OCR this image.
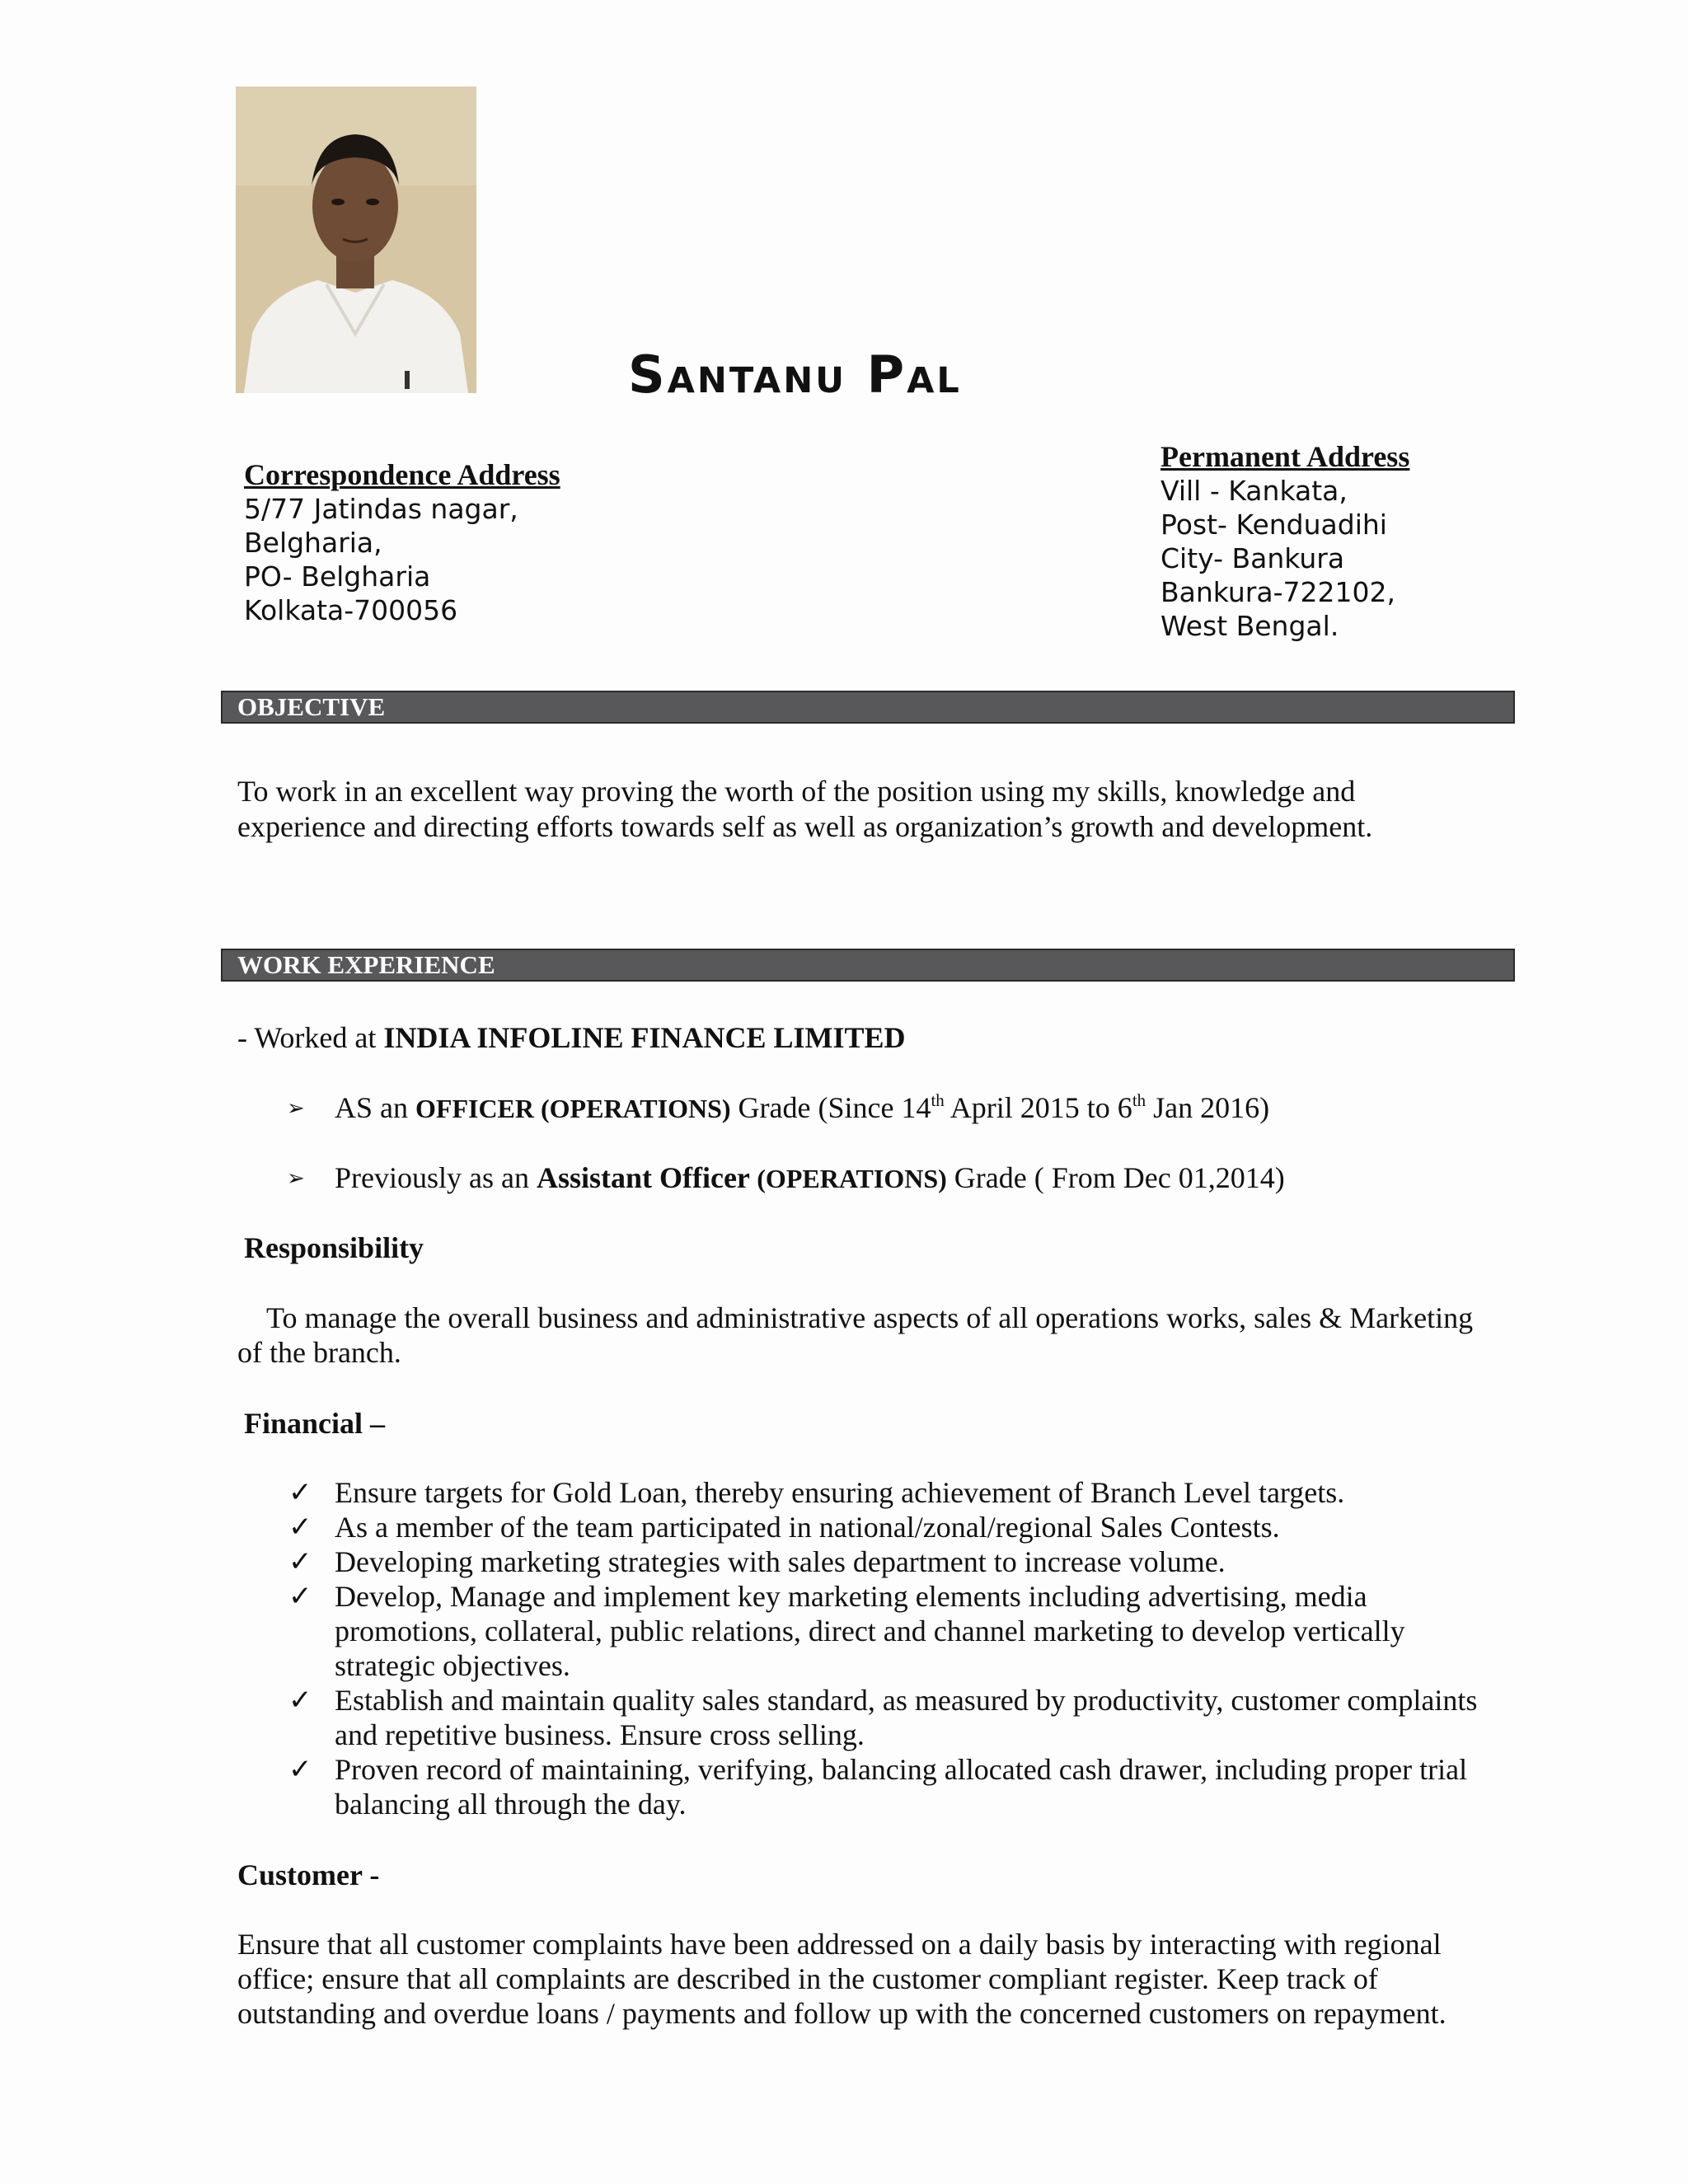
Santanu Pal
Correspondence Address
5/77 Jatindas nagar,
Belgharia,
PO- Belgharia
Kolkata-700056
Permanent Address
Vill - Kankata,
Post- Kenduadihi
City- Bankura
Bankura-722102,
West Bengal.
OBJECTIVE
To work in an excellent way proving the worth of the position using my skills, knowledge and
experience and directing efforts towards self as well as organization’s growth and development.
WORK EXPERIENCE
- Worked at INDIA INFOLINE FINANCE LIMITED
➢ AS an OFFICER (OPERATIONS) Grade (Since 14th April 2015 to 6th Jan 2016)
➢ Previously as an Assistant Officer (OPERATIONS) Grade ( From Dec 01,2014)
Responsibility
To manage the overall business and administrative aspects of all operations works, sales & Marketing
of the branch.
Financial –
✓ Ensure targets for Gold Loan, thereby ensuring achievement of Branch Level targets.
✓ As a member of the team participated in national/zonal/regional Sales Contests.
✓ Developing marketing strategies with sales department to increase volume.
✓ Develop, Manage and implement key marketing elements including advertising, media
promotions, collateral, public relations, direct and channel marketing to develop vertically
strategic objectives.
✓ Establish and maintain quality sales standard, as measured by productivity, customer complaints
and repetitive business. Ensure cross selling.
✓ Proven record of maintaining, verifying, balancing allocated cash drawer, including proper trial
balancing all through the day.
Customer -
Ensure that all customer complaints have been addressed on a daily basis by interacting with regional
office; ensure that all complaints are described in the customer compliant register. Keep track of
outstanding and overdue loans / payments and follow up with the concerned customers on repayment.
